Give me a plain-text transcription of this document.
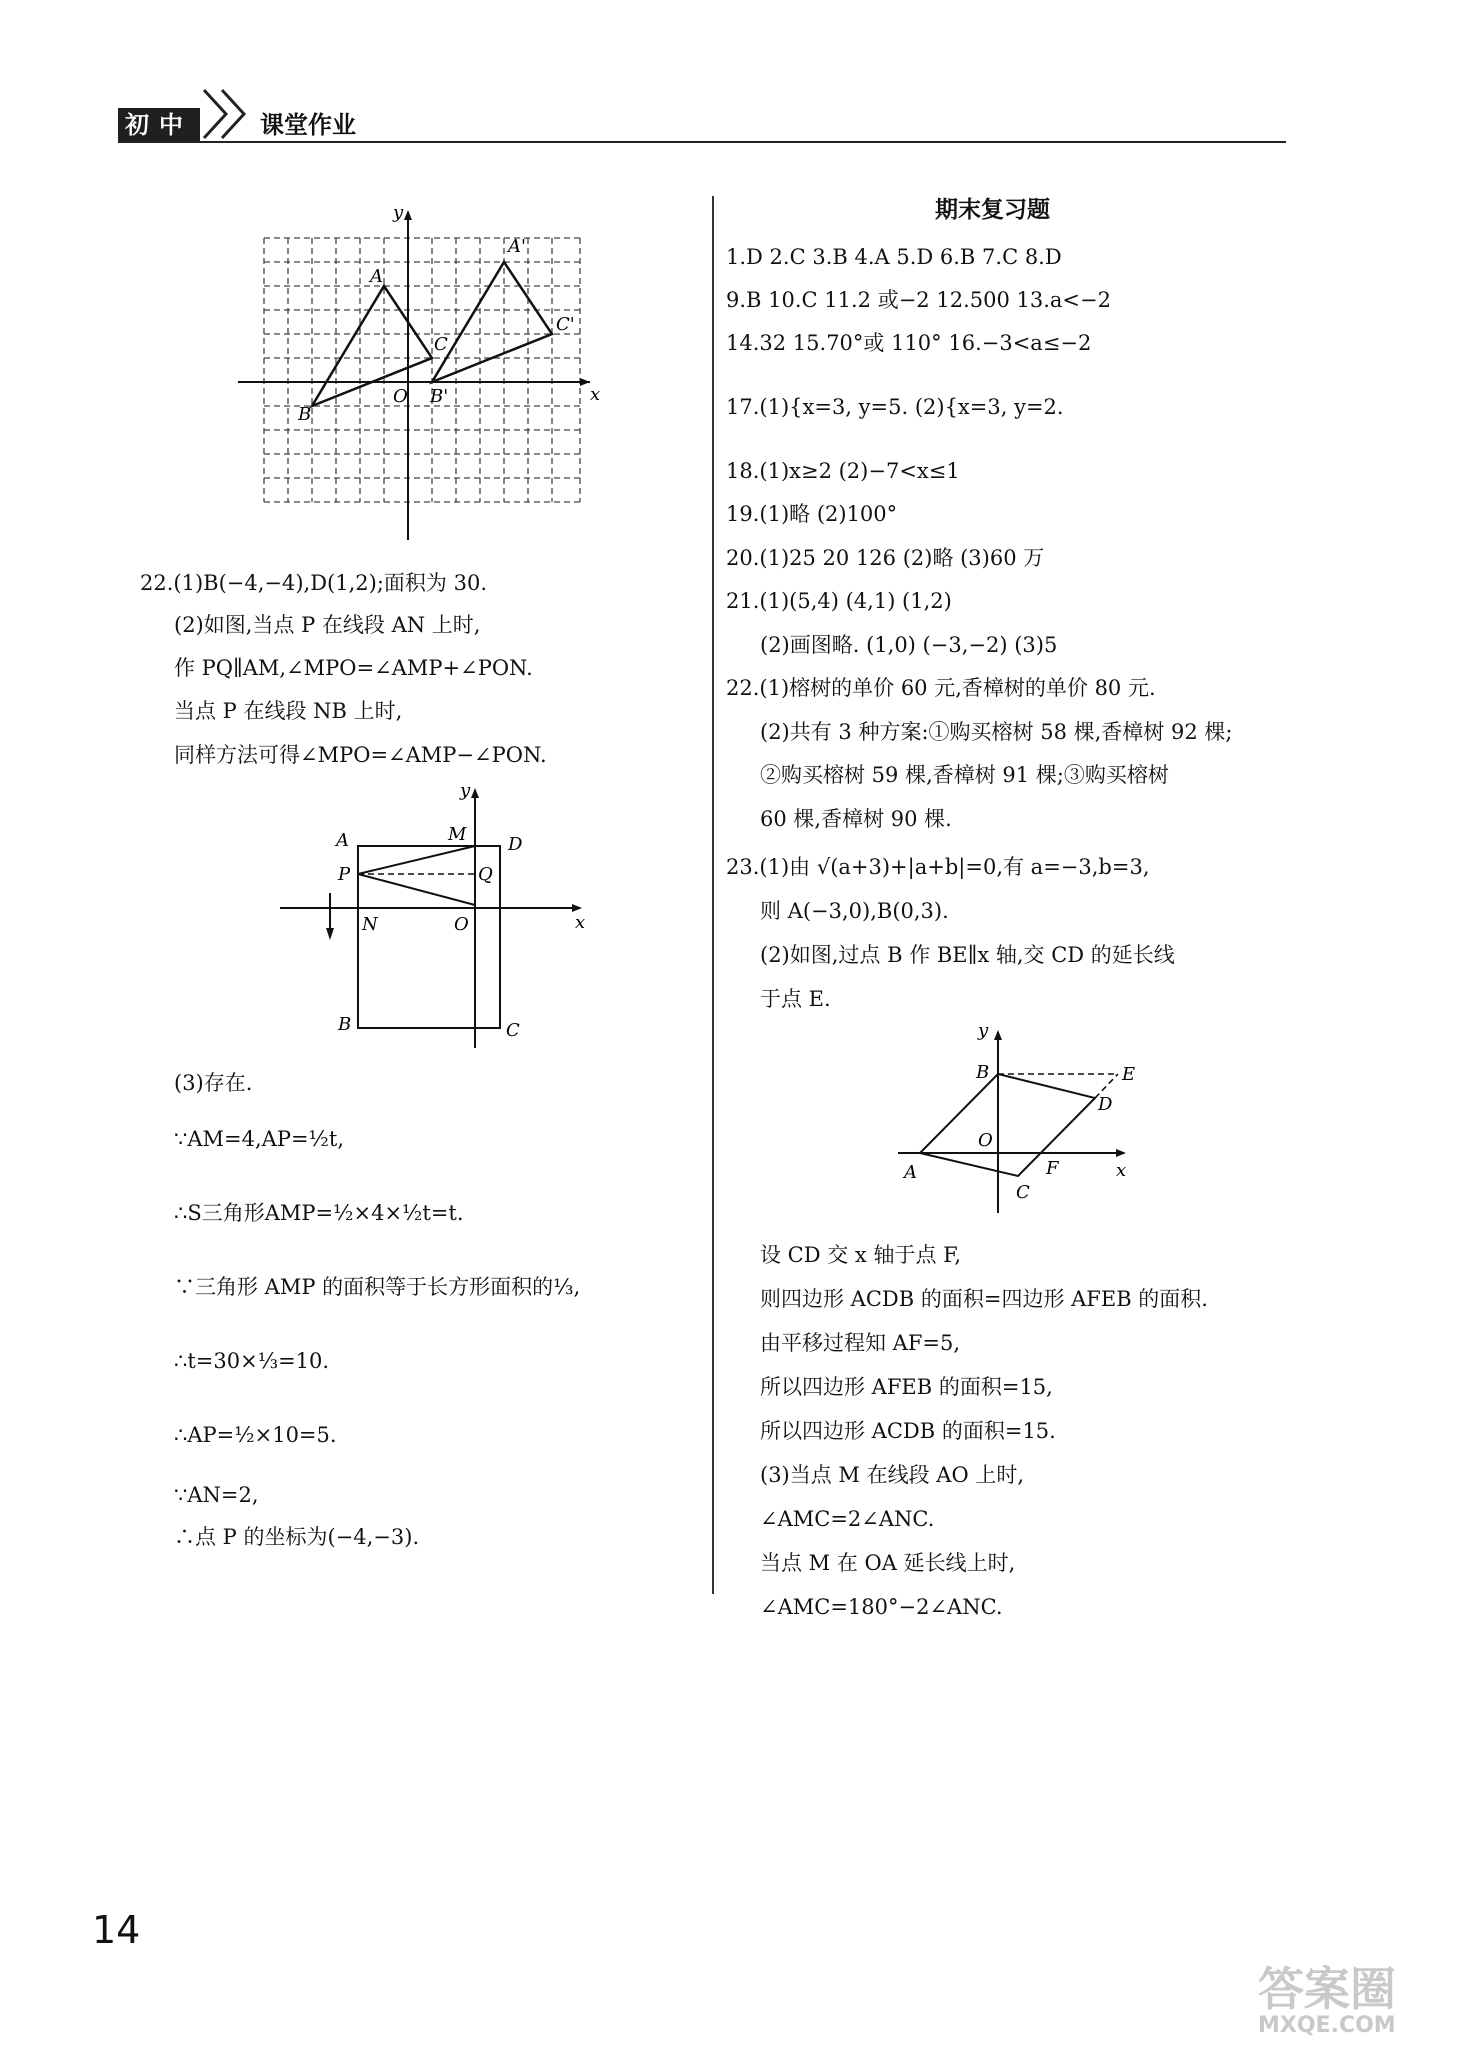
初中	课堂作业
y
x
O
A
B
C
A'
B'
C'
22.(1)B(−4,−4),D(1,2);面积为 30.
(2)如图,当点 P 在线段 AN 上时,
作 PQ∥AM,∠MPO=∠AMP+∠PON.
当点 P 在线段 NB 上时,
同样方法可得∠MPO=∠AMP−∠PON.
y
x
A	M D
P	Q
N	O
B	C
(3)存在.
∵AM=4,AP=½t,
∴S三角形AMP=½×4×½t=t.
∵三角形 AMP 的面积等于长方形面积的⅓,
∴t=30×⅓=10.
∴AP=½×10=5.
∵AN=2,
∴点 P 的坐标为(−4,−3).
期末复习题
1.D 2.C 3.B 4.A 5.D 6.B 7.C 8.D
9.B 10.C 11.2 或−2 12.500 13.a<−2
14.32 15.70°或 110° 16.−3<a≤−2
17.(1){x=3, y=5. (2){x=3, y=2.
18.(1)x≥2 (2)−7<x≤1
19.(1)略 (2)100°
20.(1)25 20 126 (2)略 (3)60 万
21.(1)(5,4) (4,1) (1,2)
(2)画图略. (1,0) (−3,−2) (3)5
22.(1)榕树的单价 60 元,香樟树的单价 80 元.
(2)共有 3 种方案:①购买榕树 58 棵,香樟树 92 棵;
②购买榕树 59 棵,香樟树 91 棵;③购买榕树
60 棵,香樟树 90 棵.
23.(1)由 √(a+3)+|a+b|=0,有 a=−3,b=3,
则 A(−3,0),B(0,3).
(2)如图,过点 B 作 BE∥x 轴,交 CD 的延长线
于点 E.
y
x
B	E
D
O
A	F
C
设 CD 交 x 轴于点 F,
则四边形 ACDB 的面积=四边形 AFEB 的面积.
由平移过程知 AF=5,
所以四边形 AFEB 的面积=15,
所以四边形 ACDB 的面积=15.
(3)当点 M 在线段 AO 上时,
∠AMC=2∠ANC.
当点 M 在 OA 延长线上时,
∠AMC=180°−2∠ANC.
14
答案圈
MXQE.COM
